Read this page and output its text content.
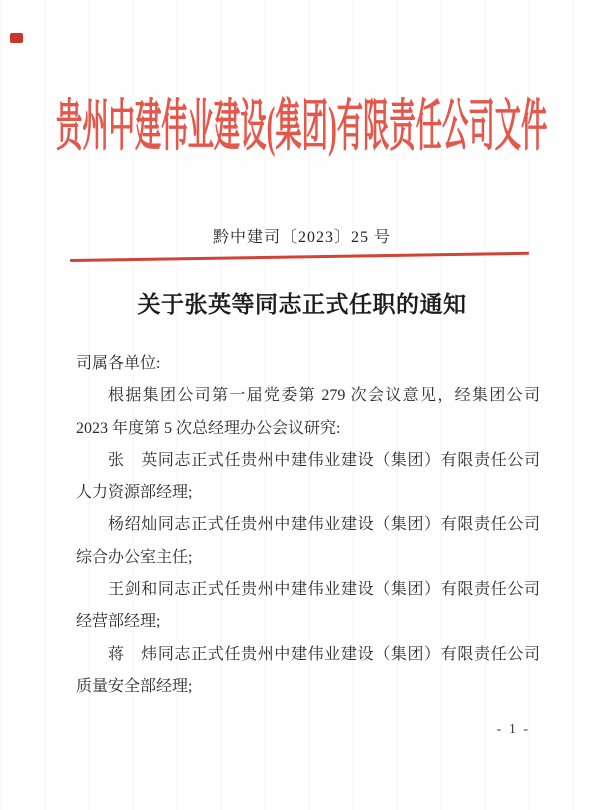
贵州中建伟业建设(集团)有限责任公司文件
黔中建司〔2023〕25 号
关于张英等同志正式任职的通知

司属各单位:

根据集团公司第一届党委第 279 次会议意见，经集团公司

2023 年度第 5 次总经理办公会议研究:

张　英同志正式任贵州中建伟业建设（集团）有限责任公司

人力资源部经理;

杨绍灿同志正式任贵州中建伟业建设（集团）有限责任公司

综合办公室主任;

王剑和同志正式任贵州中建伟业建设（集团）有限责任公司

经营部经理;

蒋　炜同志正式任贵州中建伟业建设（集团）有限责任公司

质量安全部经理;

- 1 -
